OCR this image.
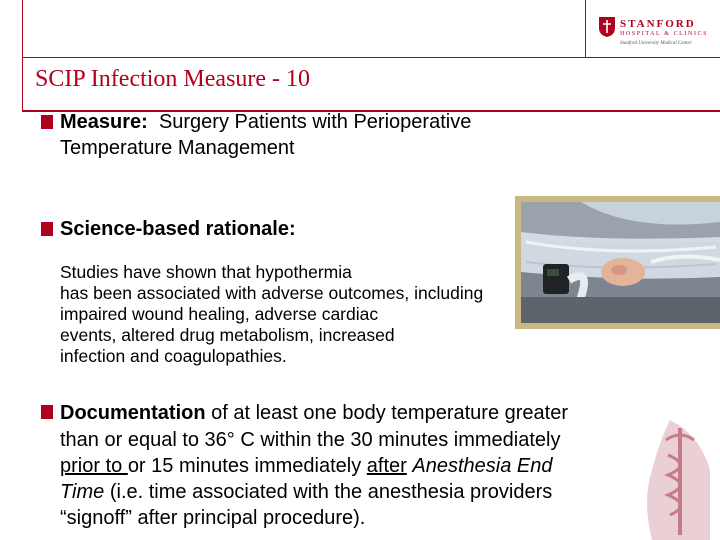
STANFORD
HOSPITAL & CLINICS
Stanford University Medical Center
SCIP Infection Measure - 10
Measure: Surgery Patients with Perioperative
Temperature Management
Science-based rationale:
Studies have shown that hypothermia
has been associated with adverse outcomes, including
impaired wound healing, adverse cardiac
events, altered drug metabolism, increased
infection and coagulopathies.
Documentation of at least one body temperature greater
than or equal to 36° C within the 30 minutes immediately
prior to or 15 minutes immediately after Anesthesia End
Time (i.e. time associated with the anesthesia providers
“signoff” after principal procedure).
